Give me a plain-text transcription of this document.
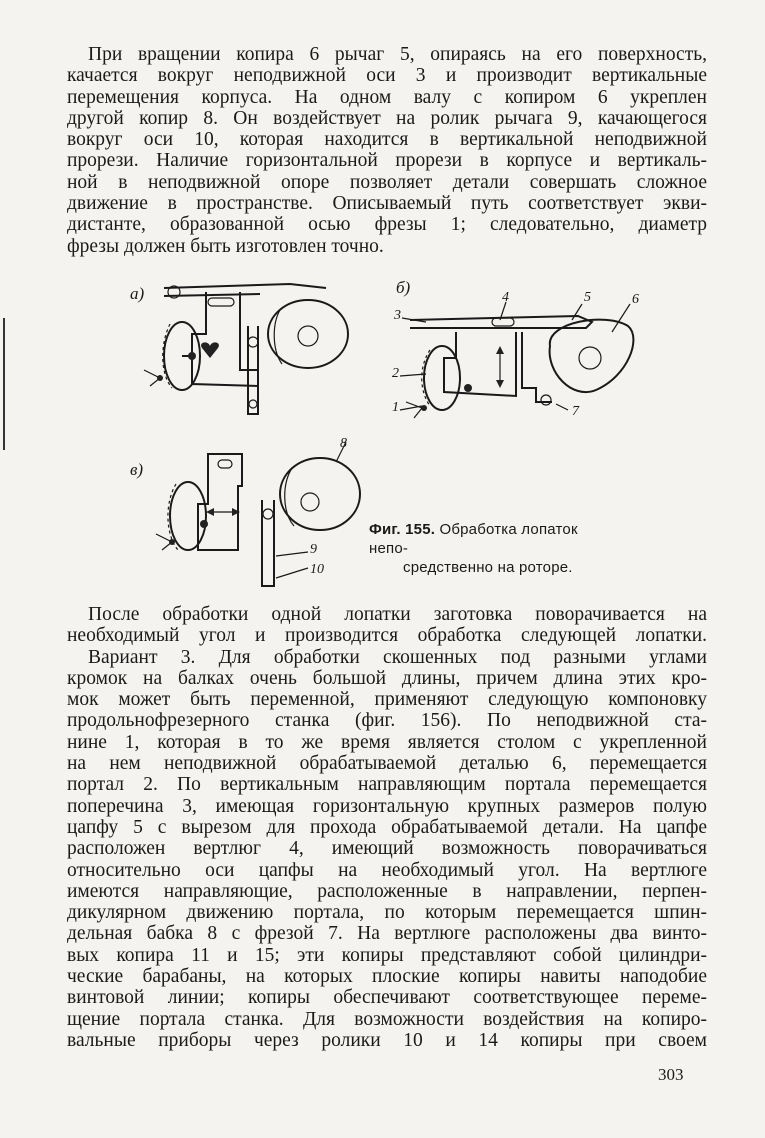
При вращении копира 6 рычаг 5, опираясь на его поверхность,
качается вокруг неподвижной оси 3 и производит вертикальные
перемещения корпуса. На одном валу с копиром 6 укреплен
другой копир 8. Он воздействует на ролик рычага 9, качающегося
вокруг оси 10, которая находится в вертикальной неподвижной
прорези. Наличие горизонтальной прорези в корпусе и вертикаль-
ной в неподвижной опоре позволяет детали совершать сложное
движение в пространстве. Описываемый путь соответствует экви-
дистанте, образованной осью фрезы 1; следовательно, диаметр
фрезы должен быть изготовлен точно.
а)	б)
3
4	5	6
2
1	7
в)
8
9
10
Фиг. 155. Обработка лопаток непо-
средственно на роторе.
После обработки одной лопатки заготовка поворачивается на
необходимый угол и производится обработка следующей лопатки.
Вариант 3. Для обработки скошенных под разными углами
кромок на балках очень большой длины, причем длина этих кро-
мок может быть переменной, применяют следующую компоновку
продольнофрезерного станка (фиг. 156). По неподвижной ста-
нине 1, которая в то же время является столом с укрепленной
на нем неподвижной обрабатываемой деталью 6, перемещается
портал 2. По вертикальным направляющим портала перемещается
поперечина 3, имеющая горизонтальную крупных размеров полую
цапфу 5 с вырезом для прохода обрабатываемой детали. На цапфе
расположен вертлюг 4, имеющий возможность поворачиваться
относительно оси цапфы на необходимый угол. На вертлюге
имеются направляющие, расположенные в направлении, перпен-
дикулярном движению портала, по которым перемещается шпин-
дельная бабка 8 с фрезой 7. На вертлюге расположены два винто-
вых копира 11 и 15; эти копиры представляют собой цилиндри-
ческие барабаны, на которых плоские копиры навиты наподобие
винтовой линии; копиры обеспечивают соответствующее переме-
щение портала станка. Для возможности воздействия на копиро-
вальные приборы через ролики 10 и 14 копиры при своем
303
